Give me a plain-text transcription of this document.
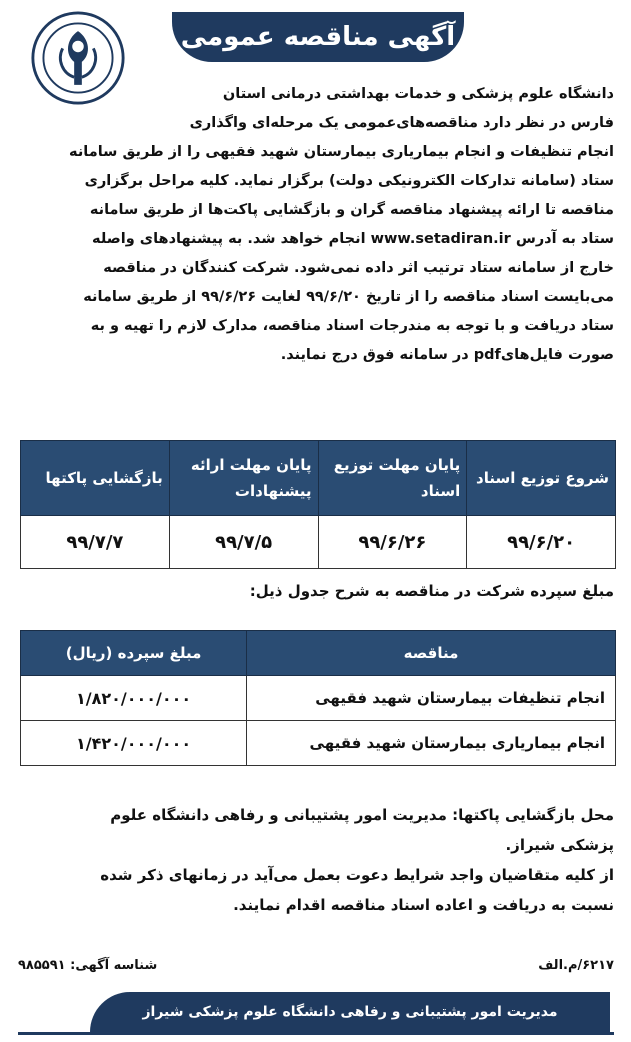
آگهی مناقصه عمومی
دانشگاه علوم پزشکی و خدمات بهداشتی درمانی استان
فارس در نظر دارد مناقصه‌های‌عمومی یک مرحله‌ای واگذاری
انجام تنظیفات و انجام بیماریاری بیمارستان شهید فقیهی را از طریق سامانه
ستاد (سامانه تدارکات الکترونیکی دولت) برگزار نماید. کلیه مراحل برگزاری
مناقصه تا ارائه پیشنهاد مناقصه گران و بازگشایی پاکت‌ها از طریق سامانه
ستاد به آدرس www.setadiran.ir انجام خواهد شد. به پیشنهادهای واصله
خارج از سامانه ستاد ترتیب اثر داده نمی‌شود. شرکت کنندگان در مناقصه
می‌بایست اسناد مناقصه را از تاریخ ۹۹/۶/۲۰ لغایت ۹۹/۶/۲۶ از طریق سامانه
ستاد دریافت و با توجه به مندرجات اسناد مناقصه، مدارک لازم را تهیه و به
صورت فایل‌هایpdf در سامانه فوق درج نمایند.
شروع توزیع اسناد	پایان مهلت توزیع اسناد	پایان مهلت ارائه پیشنهادات	بازگشایی پاکتها
۹۹/۶/۲۰	۹۹/۶/۲۶	۹۹/۷/۵	۹۹/۷/۷
مبلغ سپرده شرکت در مناقصه به شرح جدول ذیل:
مناقصه	مبلغ سپرده (ریال)
انجام تنظیفات بیمارستان شهید فقیهی	۱/۸۲۰/۰۰۰/۰۰۰
انجام بیماریاری بیمارستان شهید فقیهی	۱/۴۲۰/۰۰۰/۰۰۰
محل بازگشایی پاکتها: مدیریت امور پشتیبانی و رفاهی دانشگاه علوم
پزشکی شیراز.
از کلیه متقاضیان واجد شرایط دعوت بعمل می‌آید در زمانهای ذکر شده
نسبت به دریافت و اعاده اسناد مناقصه اقدام نمایند.
شناسه آگهی: ۹۸۵۵۹۱	۶۲۱۷/م.الف
مدیریت امور پشتیبانی و رفاهی دانشگاه علوم پزشکی شیراز
